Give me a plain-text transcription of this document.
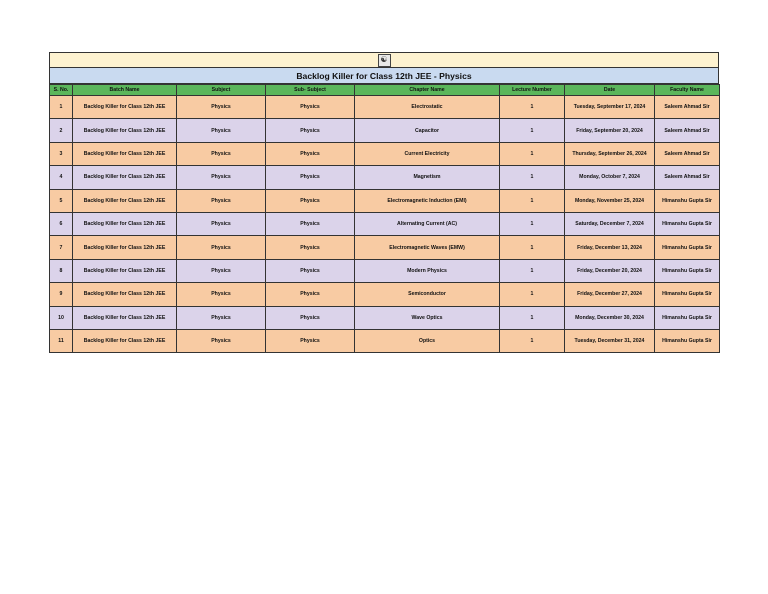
☯
Backlog Killer for Class 12th JEE - Physics
S. No.	Batch Name	Subject	Sub- Subject	Chapter Name	Lecture Number	Date	Faculty Name
1	Backlog Killer for Class 12th JEE	Physics	Physics	Electrostatic	1	Tuesday, September 17, 2024	Saleem Ahmad Sir
2	Backlog Killer for Class 12th JEE	Physics	Physics	Capacitor	1	Friday, September 20, 2024	Saleem Ahmad Sir
3	Backlog Killer for Class 12th JEE	Physics	Physics	Current Electricity	1	Thursday, September 26, 2024	Saleem Ahmad Sir
4	Backlog Killer for Class 12th JEE	Physics	Physics	Magnetism	1	Monday, October 7, 2024	Saleem Ahmad Sir
5	Backlog Killer for Class 12th JEE	Physics	Physics	Electromagnetic Induction (EMI)	1	Monday, November 25, 2024	Himanshu Gupta Sir
6	Backlog Killer for Class 12th JEE	Physics	Physics	Alternating Current (AC)	1	Saturday, December 7, 2024	Himanshu Gupta Sir
7	Backlog Killer for Class 12th JEE	Physics	Physics	Electromagnetic Waves (EMW)	1	Friday, December 13, 2024	Himanshu Gupta Sir
8	Backlog Killer for Class 12th JEE	Physics	Physics	Modern Physics	1	Friday, December 20, 2024	Himanshu Gupta Sir
9	Backlog Killer for Class 12th JEE	Physics	Physics	Semiconductor	1	Friday, December 27, 2024	Himanshu Gupta Sir
10	Backlog Killer for Class 12th JEE	Physics	Physics	Wave Optics	1	Monday, December 30, 2024	Himanshu Gupta Sir
11	Backlog Killer for Class 12th JEE	Physics	Physics	Optics	1	Tuesday, December 31, 2024	Himanshu Gupta Sir
